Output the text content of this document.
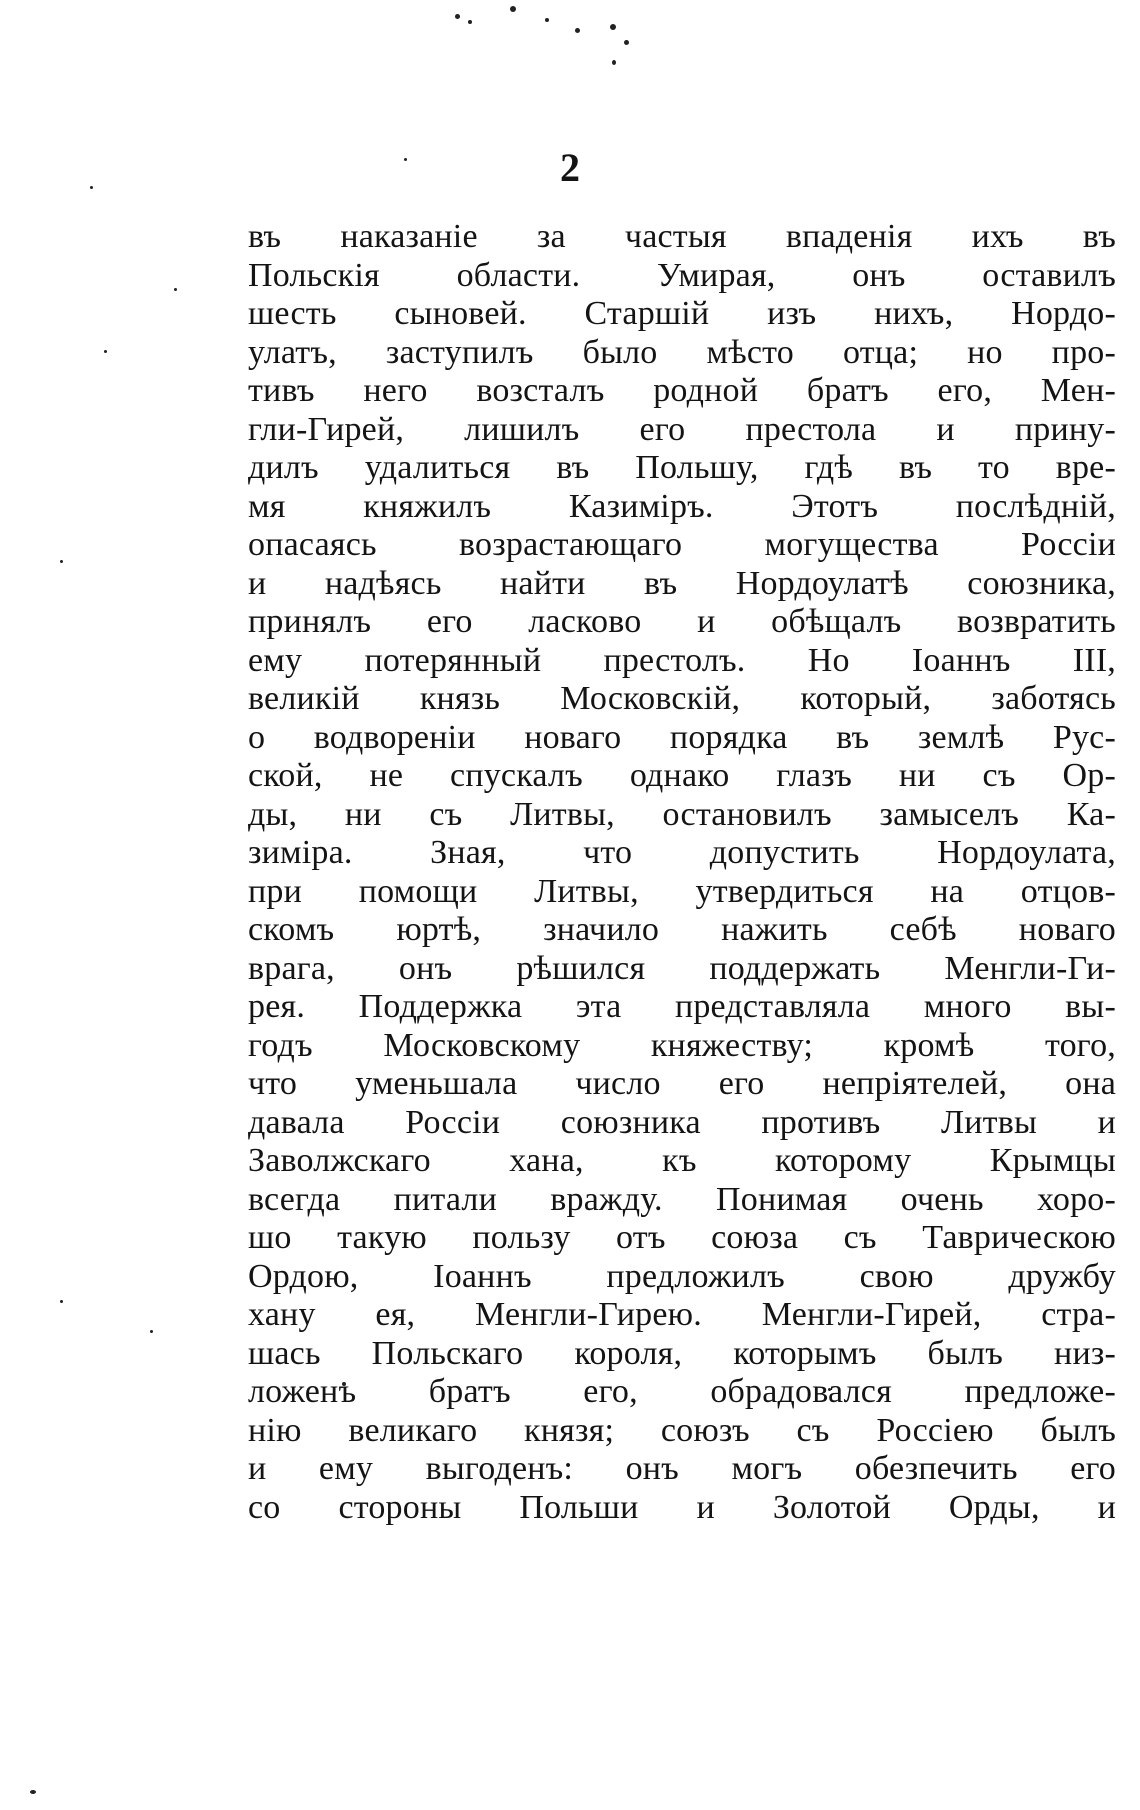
2
въ наказаніе за частыя впаденія ихъ въ
Польскія области. Умирая, онъ оставилъ
шесть сыновей. Старшій изъ нихъ, Нордо-
улатъ, заступилъ было мѣсто отца; но про-
тивъ него возсталъ родной братъ его, Мен-
гли-Гирей, лишилъ его престола и прину-
дилъ удалиться въ Польшу, гдѣ въ то вре-
мя княжилъ Казиміръ. Этотъ послѣдній,
опасаясь возрастающаго могущества Россіи
и надѣясь найти въ Нордоулатѣ союзника,
принялъ его ласково и обѣщалъ возвратить
ему потерянный престолъ. Но Іоаннъ III,
великій князь Московскій, который, заботясь
о водвореніи новаго порядка въ землѣ Рус-
ской, не спускалъ однако глазъ ни съ Ор-
ды, ни съ Литвы, остановилъ замыселъ Ка-
зиміра. Зная, что допустить Нордоулата,
при помощи Литвы, утвердиться на отцов-
скомъ юртѣ, значило нажить себѣ новаго
врага, онъ рѣшился поддержать Менгли-Ги-
рея. Поддержка эта представляла много вы-
годъ Московскому княжеству; кромѣ того,
что уменьшала число его непріятелей, она
давала Россіи союзника противъ Литвы и
Заволжскаго хана, къ которому Крымцы
всегда питали вражду. Понимая очень хоро-
шо такую пользу отъ союза съ Таврическою
Ордою, Іоаннъ предложилъ свою дружбу
хану ея, Менгли-Гирею. Менгли-Гирей, стра-
шась Польскаго короля, которымъ былъ низ-
ложенъ братъ его, обрадовался предложе-
нію великаго князя; союзъ съ Россіею былъ
и ему выгоденъ: онъ могъ обезпечить его
со стороны Польши и Золотой Орды, и
